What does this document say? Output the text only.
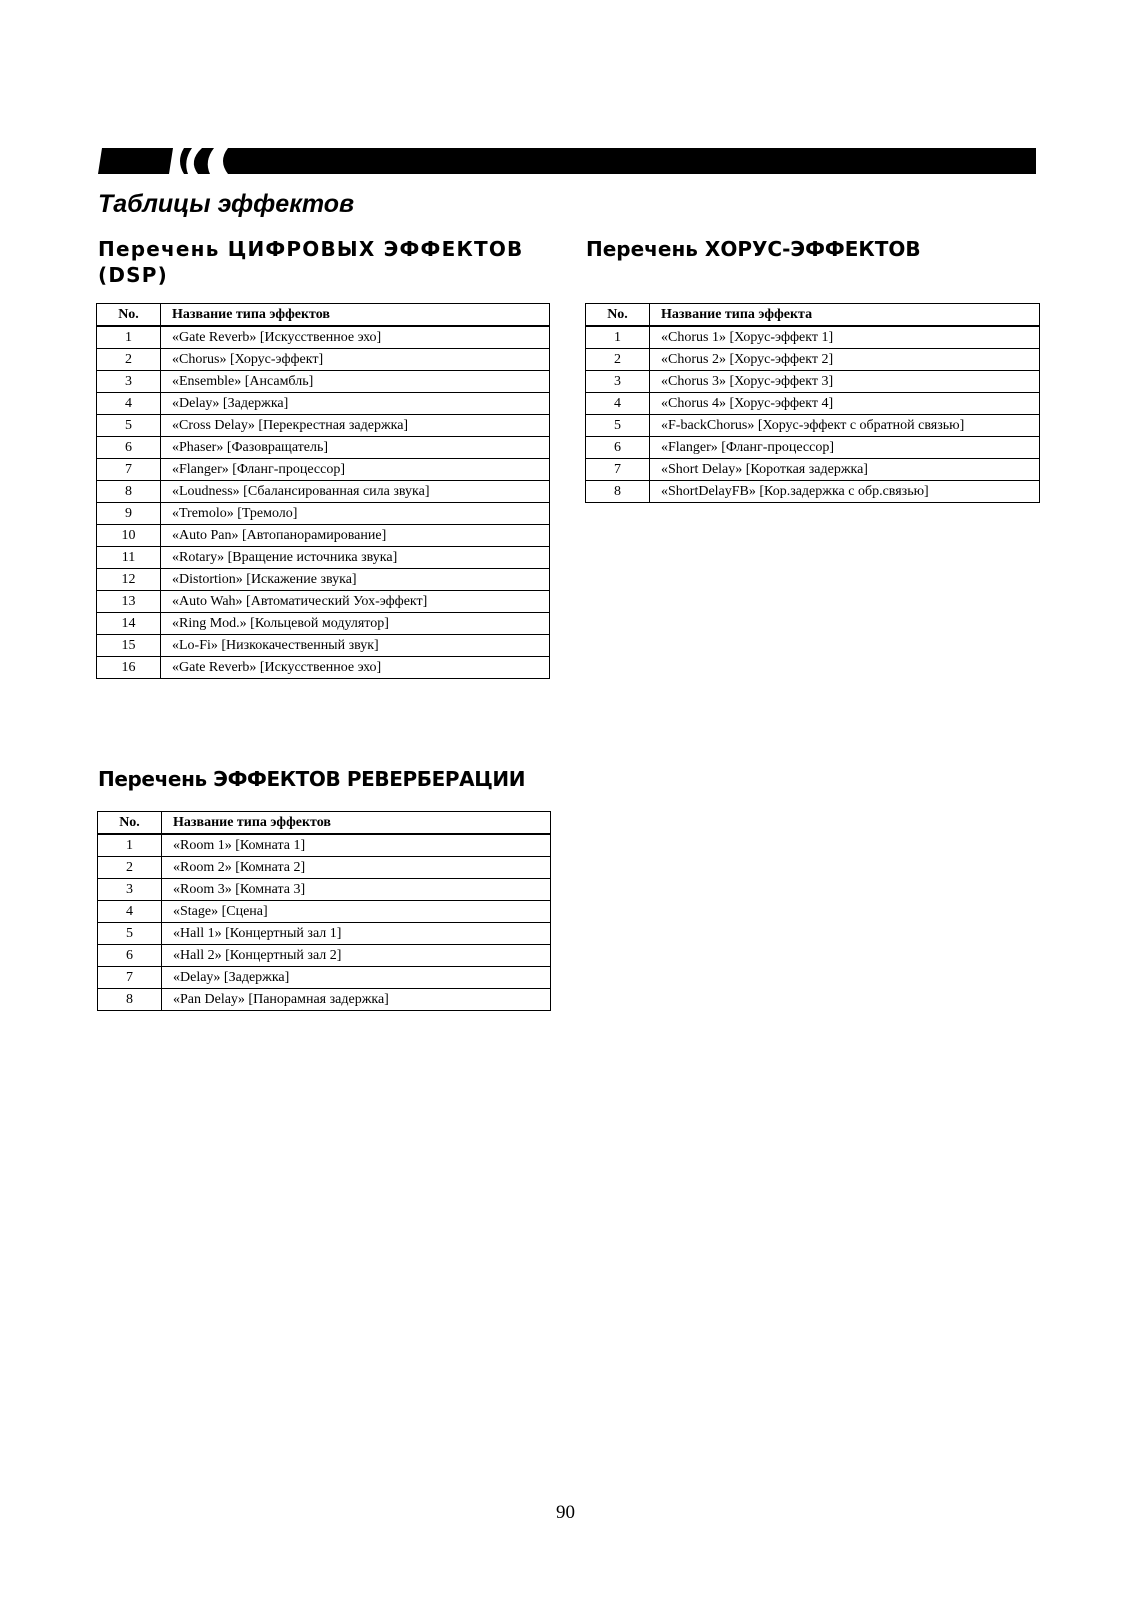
Таблицы эффектов
Перечень ЦИФРОВЫХ ЭФФЕКТОВ (DSP)
Перечень ХОРУС-ЭФФЕКТОВ
Перечень ЭФФЕКТОВ РЕВЕРБЕРАЦИИ
No.	Название типа эффектов
1	«Gate Reverb» [Искусственное эхо]
2	«Chorus» [Хорус-эффект]
3	«Ensemble» [Ансамбль]
4	«Delay» [Задержка]
5	«Cross Delay» [Перекрестная задержка]
6	«Phaser» [Фазовращатель]
7	«Flanger» [Фланг-процессор]
8	«Loudness» [Сбалансированная сила звука]
9	«Tremolo» [Тремоло]
10	«Auto Pan» [Автопанорамирование]
11	«Rotary» [Вращение источника звука]
12	«Distortion» [Искажение звука]
13	«Auto Wah» [Автоматический Уох-эффект]
14	«Ring Mod.» [Кольцевой модулятор]
15	«Lo-Fi» [Низкокачественный звук]
16	«Gate Reverb» [Искусственное эхо]
No.	Название типа эффекта
1	«Chorus 1» [Хорус-эффект 1]
2	«Chorus 2» [Хорус-эффект 2]
3	«Chorus 3» [Хорус-эффект 3]
4	«Chorus 4» [Хорус-эффект 4]
5	«F-backChorus» [Хорус-эффект с обратной связью]
6	«Flanger» [Фланг-процессор]
7	«Short Delay» [Короткая задержка]
8	«ShortDelayFB» [Кор.задержка с обр.связью]
No.	Название типа эффектов
1	«Room 1» [Комната 1]
2	«Room 2» [Комната 2]
3	«Room 3» [Комната 3]
4	«Stage» [Сцена]
5	«Hall 1» [Концертный зал 1]
6	«Hall 2» [Концертный зал 2]
7	«Delay» [Задержка]
8	«Pan Delay» [Панорамная задержка]

90
